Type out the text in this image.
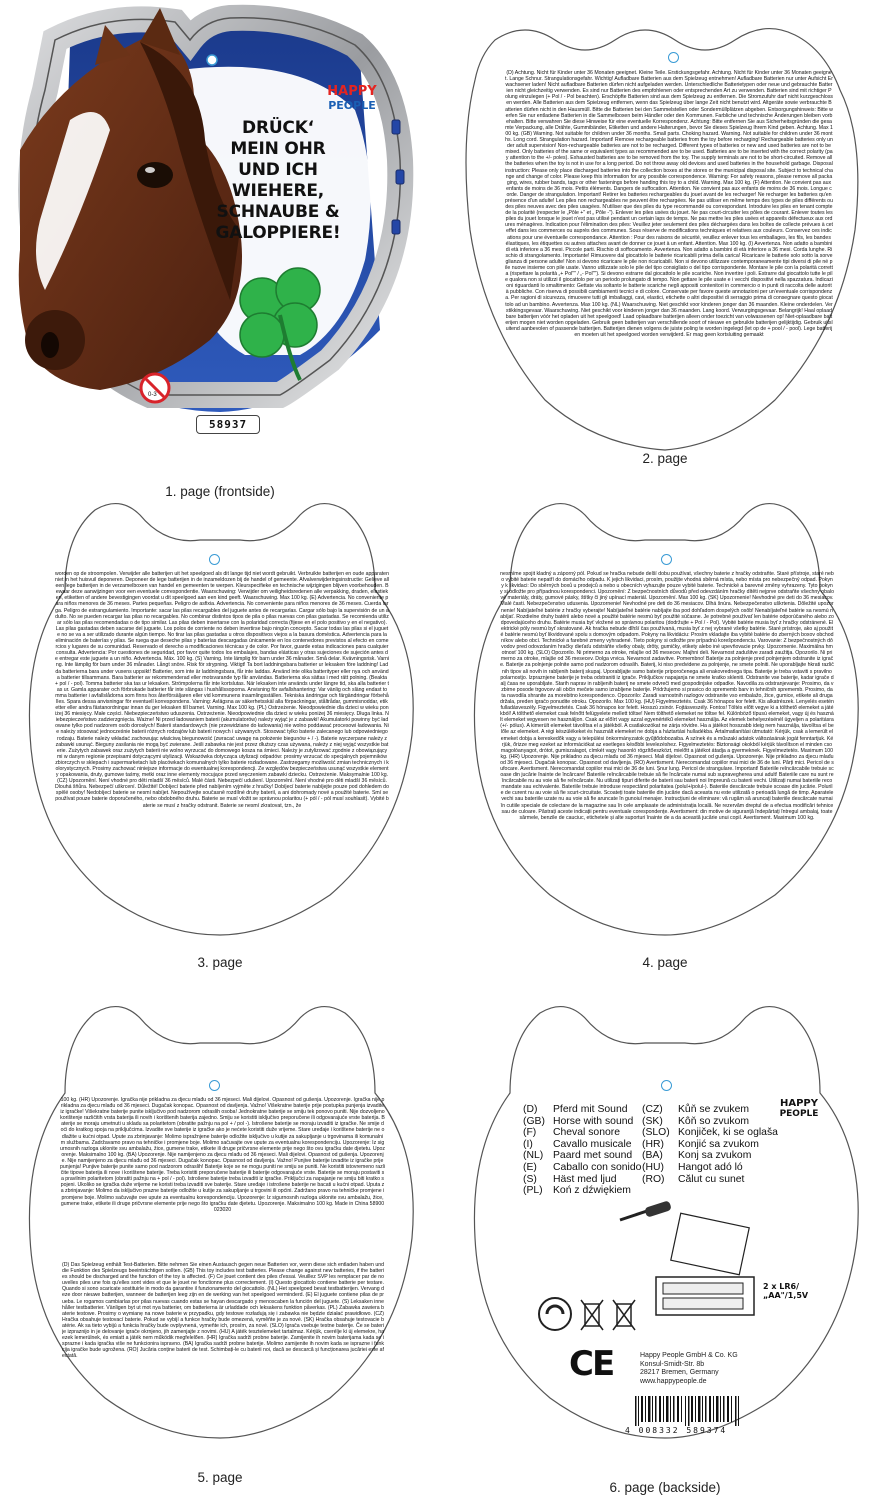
HAPPY
PEOPLE
DRÜCK‘
MEIN OHR
UND ICH
WIEHERE,
SCHNAUBE &
GALOPPIERE!
0-3
58937
1. page (frontside)
(D) Achtung. Nicht für Kinder unter 36 Monaten geeignet. Kleine Teile. Erstickungsgefahr. Achtung. Nicht für Kinder unter 36 Monaten geeignet. Lange Schnur. Strangulationsgefahr. Wichtig! Aufladbare Batterien aus dem Spielzeug entnehmen! Aufladbare Batterien nur unter Aufsicht Erwachsener laden! Nicht aufladbare Batterien dürfen nicht aufgeladen werden. Unterschiedliche Batterietypen oder neue und gebrauchte Batterien nicht gleichzeitig verwenden. Es sind nur Batterien des empfohlenen oder entsprechenden Art zu verwenden. Batterien sind mit richtiger Polung einzulegen (+ Pol / - Pol beachten). Erschöpfte Batterien sind aus dem Spielzeug zu entfernen. Die Stromzufuhr darf nicht kurzgeschlossen werden. Alle Batterien aus dem Spielzeug entfernen, wenn das Spielzeug über lange Zeit nicht benutzt wird. Altgeräte sowie verbrauchte Batterien dürfen nicht in den Hausmüll. Bitte die Batterien bei den Sammelstellen oder Sondermüllplätzen abgeben. Entsorgungshinweis: Bitte werfen Sie nur entladene Batterien in die Sammelboxen beim Händler oder den Kommunen. Farbliche und technische Änderungen bleiben vorbehalten. Bitte verwahren Sie diese Hinweise für eine eventuelle Korrespondenz. Achtung: Bitte entfernen Sie aus Sicherheitsgründen die gesamte Verpackung, alle Drähte, Gummibänder, Etiketten und andere Halterungen, bevor Sie dieses Spielzeug Ihrem Kind geben. Achtung. Max 100 kg. (GB) Warning. Not suitable for children under 36 months. Small parts. Choking hazard. Warning. Not suitable for children under 36 months. Long cord. Strangulation hazard. Important! Remove rechargeable batteries from the toy before recharging! Rechargeable batteries only under adult supervision! Non-rechargeable batteries are not to be recharged. Different types of batteries or new and used batteries are not to be mixed. Only batteries of the same or equivalent types as recommended are to be used. Batteries are to be inserted with the correct polarity (pay attention to the +/- poles). Exhausted batteries are to be removed from the toy. The supply terminals are not to be short-circuited. Remove all the batteries when the toy is not in use for a long period. Do not throw away old devices and used batteries in the household garbage. Disposal instruction: Please only place discharged batteries into the collection boxes at the stores or the municipal disposal site. Subject to technical change and change of color. Please keep this information for any possible correspondence. Warning: For safety reasons, please remove all packaging, wires, rubber bands, tags or other fastenings before handing this toy to a child. Warning. Max 100 kg. (F) Attention. Ne convient pas aux enfants de moins de 36 mois. Petits éléments. Dangers de suffocation. Attention. Ne convient pas aux enfants de moins de 36 mois. Longue corde. Danger de strangulation. Important! Retirer les batteries rechargeables du jouet avant de les recharger! Ne recharger les batteries qu'en présence d'un adulte! Les piles non rechargeables ne peuvent être rechargées. Ne pas utiliser en même temps des types de piles différents ou des piles neuves avec des piles usagées. N'utiliser que des piles du type recommandé ou correspondant. Introduire les piles en tenant compte de la polarité (respecter le „Pôle +" et „ Pôle -"). Enlever les piles usées du jouet. Ne pas court-circuiter les pôles de courant. Enlever toutes les piles du jouet lorsque le jouet n'est pas utilisé pendant un certain laps de temps. Ne pas mettre les piles usées et appareils défectueux aux ordures ménagères. Indication pour l'élimination des piles: Veuillez jeter seulement des piles déchargées dans les boîtes de collecte prévues à cet effet dans les commerces ou auprès des communes. Sous réserve de modifications techniques et relatives aux couleurs. Conservez ces indications pour une éventuelle correspondance. Attention : Pour des raisons de sécurité, veuillez enlever tous les emballages, les fils, les bandes élastiques, les étiquettes ou autres attaches avant de donner ce jouet à un enfant. Attention. Max 100 kg. (I) Avvertenza. Non adatto a bambini di età inferiore a 36 mesi. Piccole parti. Rischio di soffocamento. Avvertenza. Non adatto a bambini di età inferiore a 36 mesi. Corda lunghe. Rischio di strangolamento. Importante! Rimuovere dal giocattolo le batterie ricaricabili prima della carica! Ricaricare le batterie solo sotto la sorveglianza di persone adulte! Non si devono ricaricare le pile non ricaricabili. Non si devono utilizzare contemporaneamente tipi diversi di pile né pile nuove insieme con pile usate. Vanno utilizzate solo le pile del tipo consigliato o del tipo corrispondente. Montare le pile con la polarità corretta (rispettare la polarità „+ Pol"" / „- Pol""). Si devono estrarre dal giocattolo le pile scariche. Non invertire i poli. Estrarre dal giocattolo tutte le pile qualora non si utilizzi il giocattolo per un periodo prolungato di tempo. Non gettare le pile usate e i vecchi dispositivi nella spazzatura. Indicazioni riguardanti lo smaltimento: Gettate via soltanto le batterie scariche negli appositi contenitori in commercio o in punti di raccolta delle autorità pubbliche. Con riserva di possibili cambiamenti tecnici e di colore. Conservate per favore queste annotazioni per un'eventuale corrispondenza. Per ragioni di sicurezza, rimuovere tutti gli imballaggi, cavi, elastici, etichette o altri dispositivi di serraggio prima di consegnare questo giocattolo ad un bambino. Avvertenza. Max 100 kg. (NL) Waarschuwing. Niet geschikt voor kinderen jonger dan 36 maanden. Kleine onderdelen. Verstikkingsgevaar. Waarschuwing. Niet geschikt voor kinderen jonger dan 36 maanden. Lang koord. Verwurgingsgevaar. Belangrijk! Haal oplaadbare batterijen vóór het opladen uit het speelgoed! Laad oplaadbare batterijen alleen onder toezicht van volwassenen op! Niet-oplaadbare batterijen mogen niet worden opgeladen. Gebruik geen batterijen van verschillende soort of nieuwe en gebruikte batterijen gelijktijdig. Gebruik uitsluitend aanbevolen of passende batterijen. Batterijen dienen volgens de juiste poling te worden ingelegd (let op de + pool / - pool). Lege batterijen moeten uit het speelgoed worden verwijderd. Er mag geen kortsluiting gemaakt
2. page
worden op de stroompolen. Verwijder alle batterijen uit het speelgoed als dit lange tijd niet wordt gebruikt. Verbruikte batterijen en oude apparaten niet in het huisvuil deponeren. Deponeer de lege batterijen in de inzameldozen bij de handel of gemeente. Afvalverwijderingsinstructie: Gelieve alleen lege batterijen in de verzamelboxen van handel en gemeenten te werpen. Kleurspecifieke en technische wijzigingen blijven voorbehouden. Bewaar deze aanwijzingen voor een eventuele correspondentie. Waarschuwing: Verwijder om veiligheidsredenen alle verpakking, draden, elastieken, etiketten of andere bevestigingen voordat u dit speelgoed aan een kind geeft. Waarschuwing. Max 100 kg. (E) Advertencia. No conveniente para niños menores de 36 meses. Partes pequeñas. Peligro de asfixia. Advertencia. No conveniente para niños menores de 36 meses. Cuerda larga. Peligro de estrangulamiento. Importante: sacar las pilas recargables del juguete antes de recargarlas. Cargar sólo bajo la supervisión de un adulto. No se pueden recargar las pilas no recargables. No combinar distintos tipos de pila o pilas nuevas con pilas gastadas. Se recomienda utilizar sólo las pilas recomendadas o de tipo similar. Las pilas deben insertarse con la polaridad correcta (fijese en el polo positivo y en el negativo). Las pilas gastadas deben sacarse del juguete. Los polos de corriente no deben invertirse bajo ningún concepto. Sacar todas las pilas si el juguete no se va a ser utilizado durante algún tiempo. No tirar las pilas gastadas u otros dispositivos viejos a la basura doméstica. Advertencia para la eliminación de baterías y pilas. Se ruega que deseche pilas y baterías descargadas únicamente en los contenedores previstos al efecto en comercios y lugares de su comunidad. Reservado el derecho a modificaciones técnicas y de color. Por favor, guarde estas indicaciones para cualquier consulta. Advertencia: Por cuestiones de seguridad, por favor quite todos los embalajes, bandas elásticas y otras sujeciones de sujeción antes de entregar este juguete a un niño. Advertencia. Máx. 100 kg. (S) Varning. Inte lämplig för barn under 36 månader. Små delar. Kvävningsrisk. Varning. Inte lämplig för barn under 36 månader. Långt snöre. Risk för strypning. Viktigt! Ta bort laddningsbara batterier ur leksaken före laddning! Ladda batterierna bara under vuxens uppsikt! Batterier, som inte är laddningsbara, får inte laddas. Använd inte olika batterityper eller nya och använda batterier tillsammans. Bara batterier av rekommenderad eller motsvarande typ får användas. Batterierna ska sättas i med rätt polning. (Beakta + pol / - pol). Tomma batterier ska tas ur leksaken. Strömpolerna får inte kortslutas. När leksaken inte används under längre tid, ska alla batterier tas ur. Gamla apparater och förbrukade batterier får inte slängas i hushållssoporna. Anvisning för avfallshantering: Var vänlig och släng endast tomma batterier i avfallslådorna som finns hos återförsäljaren eller vid kommunens insamlingsställen. Tekniska ändringar och färgändringar förbehålles. Spara dessa anvisningar för eventuell korrespondens. Varning: Avlägsna av säkerhetsskäl alla förpackningar, ståltrådar, gummisnoddar, etiketter eller andra fästanordningar innan du ger leksaken till barnet. Varning. Max 100 kg. (PL) Ostrzeżenie. Nieodpowiednie dla dzieci w wieku poniżej 36 miesięcy. Małe części. Niebezpieczeństwo uduszenia. Ostrzeżenie. Nieodpowiednie dla dzieci w wieku poniżej 36 miesięcy. Długa linka. Niebezpieczeństwo zadzierzgnięcia. Ważne! Ni przed ładowaniem baterii (akumulatorów) należy wyjąć je z zabawki! Akumulatorki powinny być ładowane tylko pod nadzorem osób dorosłych! Baterii standardowych (nie przewidziane do ładowania) nie wolno poddawać procesowi ładowania. Nie należy stosować jednocześnie baterii różnych rodzajów lub baterii nowych i używanych. Stosować tylko baterie zalecanego lub odpowiedniego rodzaju. Baterie należy wkładać zachowując właściwą biegunowość (zwracać uwagę na położenie biegunów + / -). Baterie wyczerpane należy z zabawki usunąć. Bieguny zasilania nie mogą być zwierane. Jeśli zabawka nie jest przez dłuższy czas używana, należy z niej wyjąć wszystkie baterie. Zużytych zabawek oraz zużytych baterii nie wolno wyrzucać do domowego kosza na śmieci. Należy je zutylizować zgodnie z obowiązującymi w danym regionie przepisami dotyczącymi utylizacji. Wskazówka dotycząca utylizacji odpadów: prosimy wrzucać do specjalnych pojemników zbiorczych w sklepach i supermarketach lub placówkach komunalnych tylko baterie rozładowane. Zastrzegamy możliwość zmian technicznych i kolorystycznych. Prosimy zachować niniejsze informacje do ewentualnej korespondencji. Ze względów bezpieczeństwa usunąć wszystkie elementy opakowania, druty, gumowe taśmy, metki oraz inne elementy mocujące przed wręczeniem zabawki dziecku. Ostrzeżenie. Maksymalnie 100 kg. (CZ) Upozornění. Není vhodné pro děti mladší 36 měsíců. Malé části. Nebezpečí udušení. Upozornění. Není vhodné pro děti mladší 36 měsíců. Dlouhá šňůra. Nebezpečí uškrcení. Důležité! Dobíjecí baterie před nabíjením vyjměte z hračky! Dobíjecí baterie nabíjejte pouze pod dohledem dospělé osoby! Nedobíjecí baterie se nesmí nabíjet. Nepoužívejte současně rozdílné druhy baterií, a ani dohromady nové a použité baterie. Smí se používat pouze baterie doporučeného, nebo obdobného druhu. Baterie se musí vložit se správnou polaritou (+ pól / - pól musí souhlasit). Vybité baterie se musí z hračky odstranit. Baterie se nesmí zkratovat, tzn., že
3. page
nesmíme spojit kladný a záporný pól. Pokud se hračka nebude delší dobu používat, všechny baterie z hračky odstraňte. Staré přístroje, staré nebo vybité baterie nepatří do domácího odpadu. K jejich likvidaci, prosím, použijte vhodná sběrná místa, nebo místa pro nebezpečný odpad. Pokyny k likvidaci: Do sběrných boxů u prodejců a nebo u obecních vyhazujte pouze vybité baterie. Technické a barevné změny vyhrazeny. Tyto pokyny si odložte pro případnou korespondenci. Upozornění: Z bezpečnostních důvodů před odevzdáním hračky dítěti nejprve odstraňte všechny obalové materiály, dráty, gumové pásky, štítky či jiný upínací materiál. Upozornění. Max 100 kg. (SK) Upozornenie! Nevhodné pre deti do 36 mesiacov. Malé časti. Nebezpečenstvo udusenia. Upozornenie! Nevhodné pre deti do 36 mesiacov. Dlhá šnúra. Nebezpečenstvo uškrtenia. Dôležité upozornenie! Nabíjateľné batérie z hračky vyberajte! Nabíjateľné batérie nabíjajte iba pod dohľadom dospelých osôb! Nenabíjateľné batérie sa nesmú nabíjať. Rozdielne druhy batérii alebo nové a použité batérie nesmú byť použité súčasne. Je potrebné používať len batérie odporúčaného alebo zodpovedajúceho druhu. Batérie musia byť vložené so správnou polaritou (dodržujte + Pol / - Pol). Vybité batérie musia byť z hračky odstránené. Elektrické póly nesmú byť skratované. Ak hračka nebude dlhší čas používaná, musia byť z nej vybrané všetky batérie. Staré prístroje, ako aj použité batérie nesmú byť likvidované spolu s domovým odpadom. Pokyny na likvidáciu: Prosím vkladajte iba vybité batérie do zberných boxov obchodníkov alebo obcí. Technické a farebné zmeny vyhradené. Tieto pokyny si odložte pre prípadnú korešpondenciu. Varovanie: Z bezpečnostných dôvodov pred odovzdaním hračky dieťaťu odstráňte všetky obaly, drôty, gumičky, etikety alebo iné upevňovacie prvky. Upozornenie. Maximálna hmotnosť 100 kg. (SLO) Opozorilo. Ni primerno za otroke, mlajše od 36 mesecev. Majhni deli. Nevarnost zadušitve zaradi zaužitja. Opozorilo. Ni primerno za otroke, mlajše od 36 mesecev. Dolga vrvica. Nevarnost zadavitve. Pomembno! Baterije za polnjenje pred polnjenjem odstranite iz igrače. Baterije za polnjenje polnite samo pod nadzorom odraslih. Baterij, ki niso predvidene za polnjenje, ne smete polniti. Ne uporabljajte hkrati različnih tipov ali novih in rabljenih baterij skupaj. Uporabljajte samo baterije priporočenega ali enakovrednega tipa. Baterije je treba vstaviti s pravilno polarnostjo. Izpraznjene baterije je treba odstraniti iz igrače. Priključkov napajanja ne smete kratko skleniti. Odstranite vse baterije, kadar igrače dalj časa ne uporabljate. Starih naprav in rabljenih baterij ne smete odvreči med gospodinjske odpadke. Navodila za odstranjevanje: Prosimo, da v zbirne posode trgovcev ali občin mečete samo izrabljene baterije. Pridržujemo si pravico do sprememb barv in tehničnih sprememb. Prosimo, da ta navodila shranite za morebitno korespondenco. Opozorilo: Zaradi varnostnih razlogov odstranite vso embalažo, žice, gumice, etikete ali druga držala, preden igračo ponudite otroku. Opozorilo. Max 100 kg. (HU) Figyelmeztetés. Csak 36 hónapos kor felett. Kis alkatrészek. Lenyelés esetén fulladásveszély. Figyelmeztetés. Csak 36 hónapos kor felett. Hosszú zsinór. Fojtásveszély. Fontos! Töltés előtt vegye ki a tölthető elemeket a játékból! A tölthető elemeket csak felnőtt felügyelete mellett töltse! Nem tölthető elemeket ne töltse fel. Különböző típusú elemeket, vagy új és használt elemeket vegyesen ne használjon. Csak az előírt vagy azzal egyenértékű elemeket használja. Az elemek behelyezésénél ügyeljen a polaritásra (+/- pólus). A kimerült elemeket távolítsa el a játékból. A csatlakozókat ne zárja rövidre. Ha a játékot hosszabb ideig nem használja, távolítsa el belőle az elemeket. A régi készülékeket és használt elemeket ne dobja a háztartási hulladékba. Ártalmatlanítási útmutató: Kérjük, csak a lemerült elemeket dobja a kereskedők vagy a települési önkormányzatok gyűjtődobozaiba. A színek és a műszaki adatok változásának jogát fenntartjuk. Kérjük, őrizze meg ezeket az információkat az esetleges későbbi levelezéshez. Figyelmeztetés: Biztonsági okokból kérjük távolítson el minden csomagolóanyagot, drótot, gumiszalagot, címkét vagy hasonló rögzítőeszközt, mielőtt a játékot átadja a gyermeknek. Figyelmeztetés. Maximum 100 kg. (HR) Upozorenje. Nije prikladno za djecu mlađu od 36 mjeseci. Mali dijelovi. Opasnost od gušenja. Upozorenje. Nije prikladno za djecu mlađu od 36 mjeseci. Dugačak konopac. Opasnost od davljenja. (RO) Avertisment. Nerecomandat copiilor mai mici de 36 de luni. Părți mici. Pericol de sufocare. Avertisment. Nerecomandat copiilor mai mici de 36 de luni. Șnur lung. Pericol de strangulare. Important! Bateriile reîncărcabile trebuie scoase din jucărie înainte de încărcare! Bateriile reîncărcabile trebuie să fie încărcate numai sub supravegherea unui adult! Bateriile care nu sunt reîncărcabile nu au voie să fie reîncărcate. Nu utilizați tipuri diferite de baterii sau baterii noi împreună cu baterii vechi. Utilizați numai bateriile recomandate sau echivalente. Bateriile trebuie introduse respectând polaritatea (polul+/polul-). Bateriile descărcate trebuie scoase din jucărie. Polurile de curent nu au voie să fie scurt-circuitate. Scoateți toate bateriile din jucărie dacă aceasta nu este utilizată o perioadă lungă de timp. Aparatele vechi sau bateriile uzate nu au voie să fie aruncate în gunoiul menajer. Instrucțiuni de eliminare: vă rugăm să aruncați bateriile descărcate numai în cutiile speciale de colectare de la magazine sau în cele amplasate de administrația locală. Ne rezervăm dreptul de a efectua modificări tehnice sau de culoare. Păstrați aceste indicații pentru eventuale corespondențe. Avertisment: din motive de siguranță îndepărtați întregul ambalaj, toate sârmele, benzile de cauciuc, etichetele și alte suporturi înainte de a da această jucărie unui copil. Avertisment. Maximum 100 kg.
4. page
100 kg. (HR) Upozorenje. Igračka nije prikladna za djecu mlađu od 36 mjeseci. Mali dijelovi. Opasnost od gušenja. Upozorenje. Igračka nije prikladna za djecu mlađu od 36 mjeseci. Dugačak konopac. Opasnost od davljenja. Važno! Višekratne baterije prije postupka punjenja izvadite iz igračke! Višekratne baterije punite isključivo pod nadzorom odraslih osoba! Jednokratne baterije se smiju tek ponovo puniti. Nije dozvoljeno korištenje različitih vrsta baterija ili novih i korištenih baterija zajedno. Smiju se koristiti isključivo preporučene ili odgovarajuće vrste baterija. Baterije se moraju umetnuti u skladu sa polaritetom (obratite pažnju na pol + / pol -). Istrošene baterije se moraju izvaditi iz igračke. Ne smije doći do kratkog spoja na priključcima. Izvadite sve baterije iz igračke ako je nećete koristiti duže vrijeme. Stare uređaje i korištene baterije ne odlažite u kućni otpad. Upute za zbrinjavanje: Molimo ispražnjene baterije odložite isključivo u kutije za sakupljanje u trgovinama ili komunalnim službama. Zadržavamo pravo na tehničke i promjene boje. Molimo sačuvajte ove upute za eventualnu korespondenciju. Upozorenje: Iz sigurnosnih razloga uklonite svu ambalažu, žice, gumene trake, etikete ili druge pričvrsne elemente prije nego što ovu igračku date djetetu. Upozorenje. Maksimalno 100 kg. (BA) Upozorenje. Nije namijenjeno za djecu mlađu od 36 mjeseci. Mali dijelovi. Opasnost od gušenja. Upozorenje. Nije namijenjeno za djecu mlađu od 36 mjeseci. Dugačak konopac. Opasnost od davljenja. Važno! Punjive baterije izvadite iz igračke prije punjenja! Punjive baterije punite samo pod nadzorom odraslih! Baterije koje se ne mogu puniti ne smiju se puniti. Ne koristiti istovremeno različite tipove baterija ili nove i korištene baterije. Treba koristiti preporučene baterije ili baterije odgovarajuće vrste. Baterije se moraju postaviti sa pravilnim polaritetom (obratiti pažnju na + pol / - pol). Istrošene baterije treba izvaditi iz igračke. Priključci za napajanje ne smiju biti kratko spojeni. Ukoliko se igračka duže vrijeme ne koristi treba izvaditi sve baterije. Stare uređaje i istrošene baterije ne bacati u kućni otpad. Uputa za zbrinjavanje: Molimo da isključivo prazne baterije odložite u kutije za sakupljanje u trgovini ili općini. Zadržano pravo na tehničke promjene i promjene boje. Molimo sačuvajte ove upute za eventualnu korespondenciju. Upozorenje: Iz sigurnosnih razloga uklonite svu ambalažu, žice, gumene trake, etikete ili druge pričvrsne elemente prije nego što igračku date djetetu. Upozorenje. Maksimalno 100 kg. Made in China 58900023020
(D) Das Spielzeug enthält Test-Batterien. Bitte nehmen Sie einen Austausch gegen neue Batterien vor, wenn diese sich entladen haben und die Funktion des Spielzeugs beeinträchtigen sollten. (GB) This toy includes test batteries. Please change against new batteries, if the batteries should be discharged and the function of the toy is affected. (F) Ce jouet contient des piles d'essai. Veuillez SVP les remplacer par de nouvelles piles une fois qu'elles sont vides et que le jouet ne fonctionne plus correctement. (I) Questo giocattolo contiene batterie per testare. Quando si sono scaricate sostituirle in modo da garantire il funzionamento del giocattolo. (NL) Het speelgoed bevat testbatterijen. Vervang deze door nieuwe batterijen, wanneer de batterijen leeg zijn en de werking van het speelgoed verminderd. (E) El juguete contiene pilas de prueba. Le rogamos cambiarlas por pilas nuevas cuando estas se hayan descargado y menoscaben la función del juguete. (S) Leksaken innehåller testbatterier. Vänligen byt ut mot nya batterier, om batterierna är urladdade och leksakens funktion påverkas. (PL) Zabawka zawiera baterie testowe. Prosimy o wymianę na nowe baterie w przypadku, gdy testowe rozładują się i zabawka nie będzie działać prawidłowo. (CZ) Hračka obsahuje testovací baterie. Pokud se vybijí a funkce hračky bude omezená, vyměňte je za nové. (SK) Hračka obsahuje testovacie batérie. Ak sa tieto vybijú a funkcia hračky bude ovplyvnená, vymeňte ich, prosím, za nové. (SLO) Igrača vsebuje testne baterije. Če se baterije izpraznijo in je delovanje igrače okrnjeno, jih zamenjajte z novimi. (HU) A játék tesztelemeket tartalmaz. Kérjük, cserélje ki új elemekre, ha ezek lemerülnek, és emiatt a játék nem működik megfelelően. (HR) Igračka sadrži probne baterije. Zamijenite ih novim baterijama kada se isprazne i kada igračka više ne funkcionira ispravno. (BA) Igračka sadrži probne baterije. Molimo zamijenite ih novim kada se isprazne i funkcija igračke bude ugrožena. (RO) Jucăria conține baterii de test. Schimbați-le cu baterii noi, dacă se descarcă și funcționarea jucăriei este afectată.
5. page
(D)	Pferd mit Sound
(GB) Horse with sound
(F)	Cheval sonore
(I)	Cavallo musicale
(NL) Paard met sound
(E)	Caballo con sonido
(S)	Häst med ljud
(PL) Koń z dźwiękiem
(CZ)	Kůň se zvukem
(SK)	Kôň so zvukom
(SLO) Konjiček, ki se oglaša
(HR)	Konjić sa zvukom
(BA)	Konj sa zvukom
(HU)	Hangot adó ló
(RO)	Călut cu sunet
HAPPY
PEOPLE
2 x LR6/
„AA"/1,5V
CE	Happy People GmbH & Co. KG
Konsul-Smidt-Str. 8b
28217 Bremen, Germany
www.happypeople.de
4 008332 589374
6. page (backside)
